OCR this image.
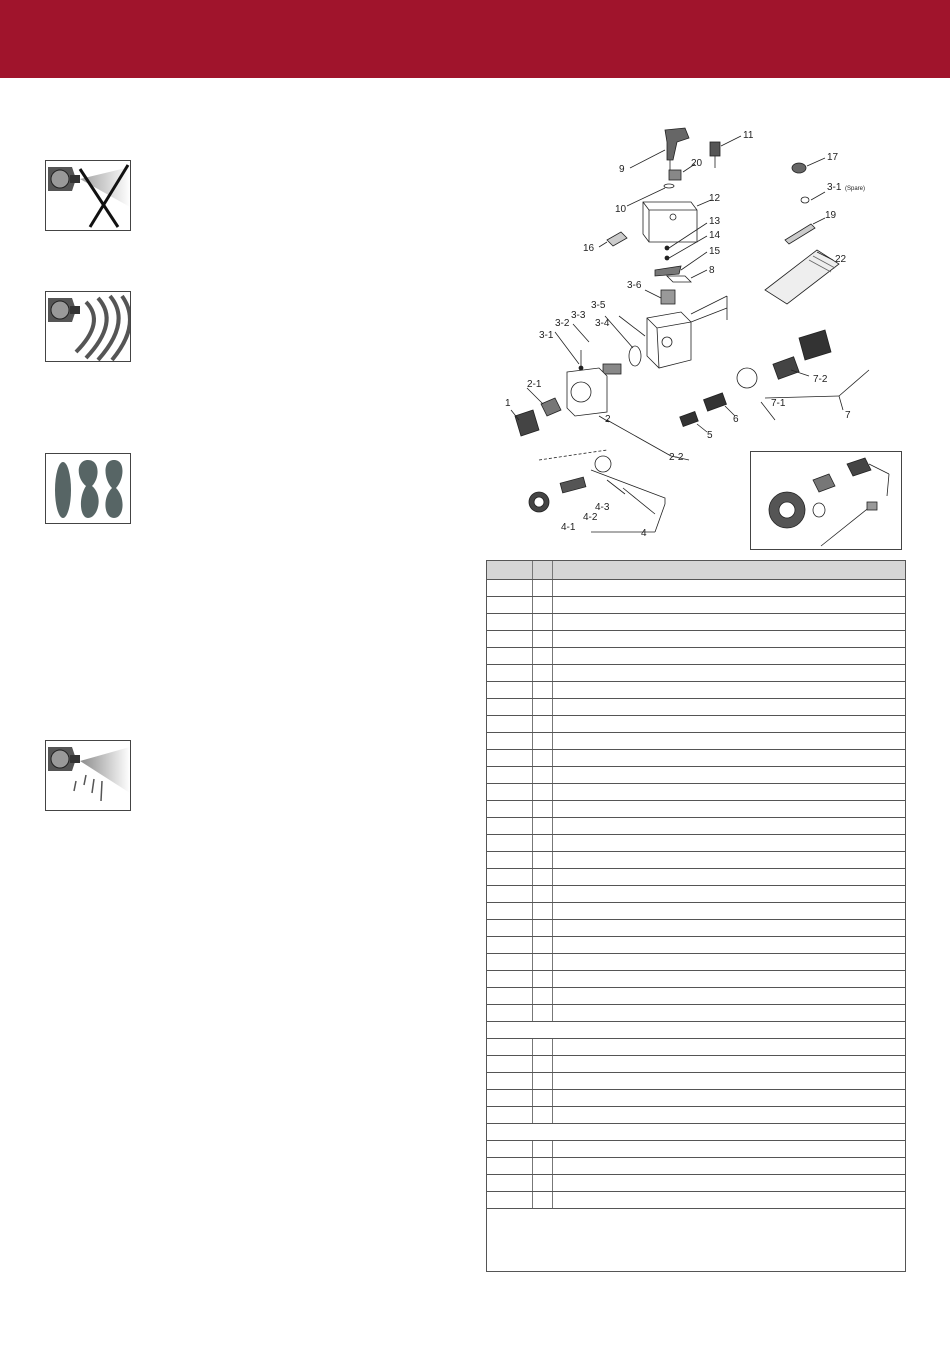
9
20
10
11
12
13
14
15
8
3-6
16
3-5
3-3
3-4
3-2
3-1
2-1
2
2-2
1
5
6	7
7-1
7-2
4
4-1
4-2
4-3
17
3-1 (Spare)
19
22
